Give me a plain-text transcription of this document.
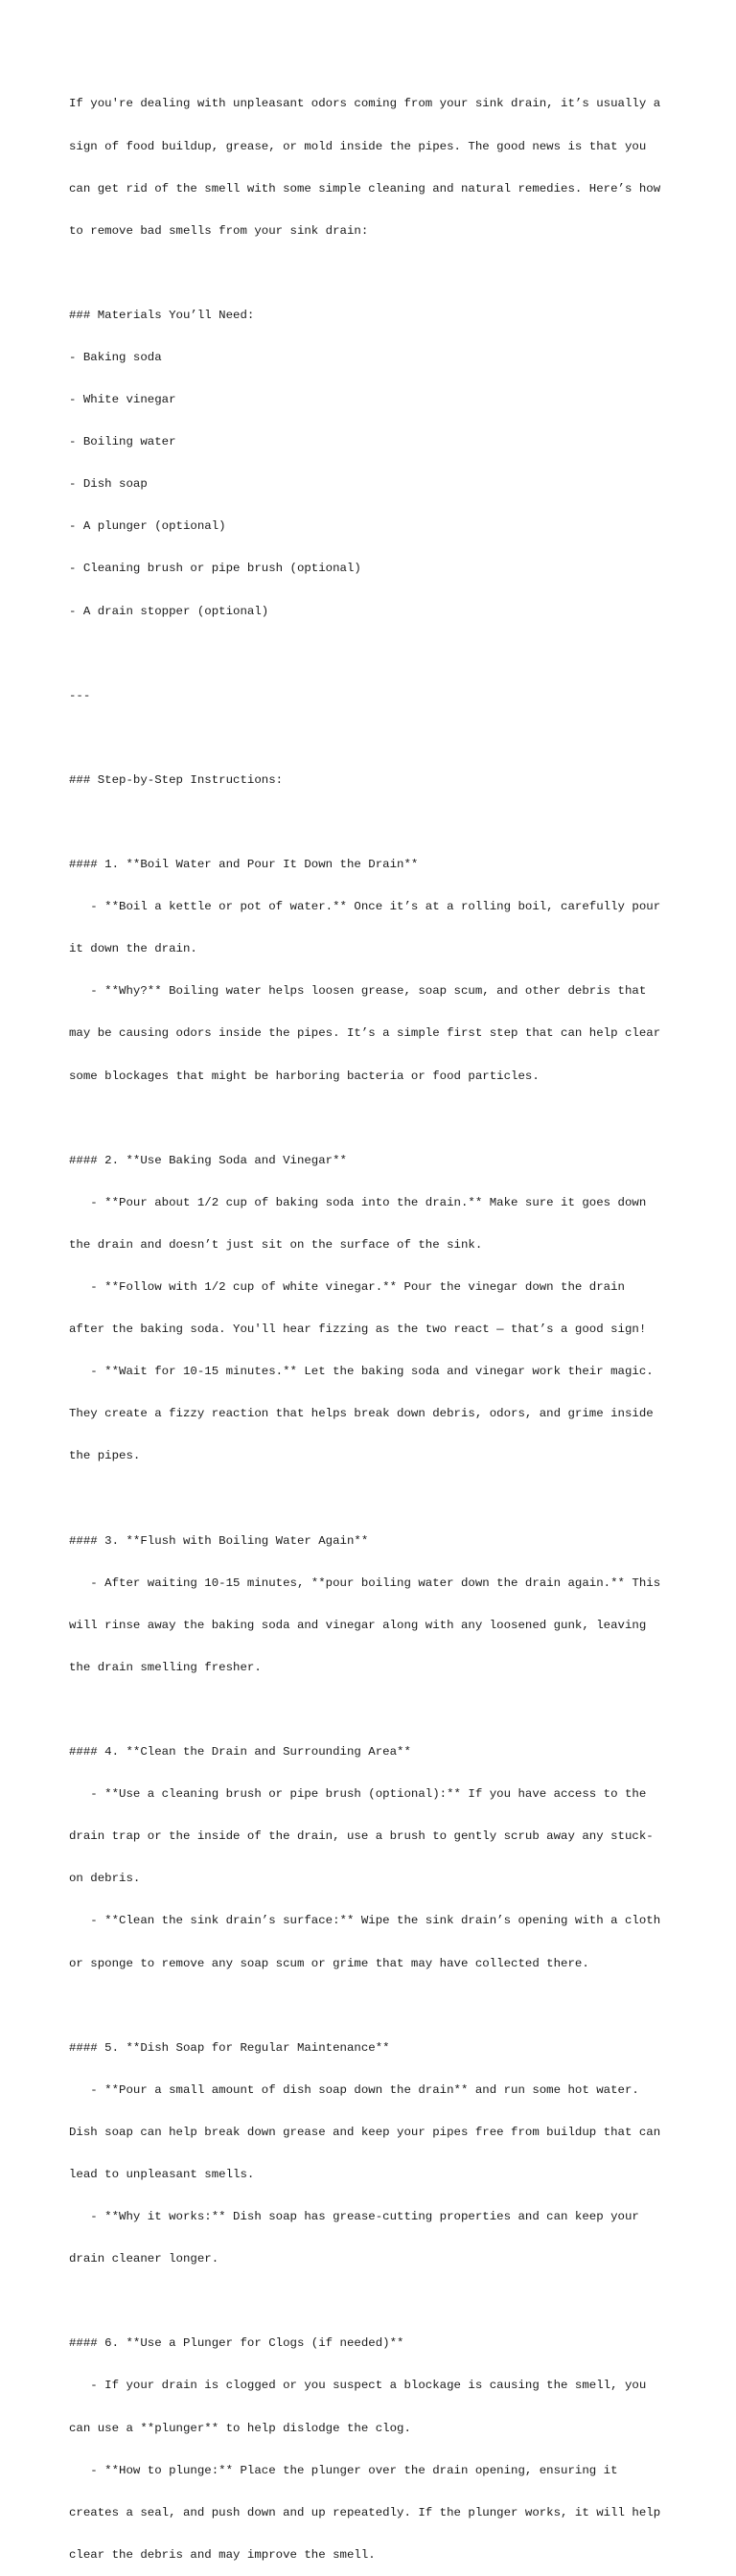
If you're dealing with unpleasant odors coming from your sink drain, it’s usually a

sign of food buildup, grease, or mold inside the pipes. The good news is that you

can get rid of the smell with some simple cleaning and natural remedies. Here’s how

to remove bad smells from your sink drain:

### Materials You’ll Need:

- Baking soda

- White vinegar

- Boiling water

- Dish soap

- A plunger (optional)

- Cleaning brush or pipe brush (optional)

- A drain stopper (optional)

---

### Step-by-Step Instructions:

#### 1. **Boil Water and Pour It Down the Drain**

- **Boil a kettle or pot of water.** Once it’s at a rolling boil, carefully pour

it down the drain.

- **Why?** Boiling water helps loosen grease, soap scum, and other debris that

may be causing odors inside the pipes. It’s a simple first step that can help clear

some blockages that might be harboring bacteria or food particles.

#### 2. **Use Baking Soda and Vinegar**

- **Pour about 1/2 cup of baking soda into the drain.** Make sure it goes down

the drain and doesn’t just sit on the surface of the sink.

- **Follow with 1/2 cup of white vinegar.** Pour the vinegar down the drain

after the baking soda. You'll hear fizzing as the two react — that’s a good sign!

- **Wait for 10-15 minutes.** Let the baking soda and vinegar work their magic.

They create a fizzy reaction that helps break down debris, odors, and grime inside

the pipes.

#### 3. **Flush with Boiling Water Again**

- After waiting 10-15 minutes, **pour boiling water down the drain again.** This

will rinse away the baking soda and vinegar along with any loosened gunk, leaving

the drain smelling fresher.

#### 4. **Clean the Drain and Surrounding Area**

- **Use a cleaning brush or pipe brush (optional):** If you have access to the

drain trap or the inside of the drain, use a brush to gently scrub away any stuck-

on debris.

- **Clean the sink drain’s surface:** Wipe the sink drain’s opening with a cloth

or sponge to remove any soap scum or grime that may have collected there.

#### 5. **Dish Soap for Regular Maintenance**

- **Pour a small amount of dish soap down the drain** and run some hot water.

Dish soap can help break down grease and keep your pipes free from buildup that can

lead to unpleasant smells.

- **Why it works:** Dish soap has grease-cutting properties and can keep your

drain cleaner longer.

#### 6. **Use a Plunger for Clogs (if needed)**

- If your drain is clogged or you suspect a blockage is causing the smell, you

can use a **plunger** to help dislodge the clog.

- **How to plunge:** Place the plunger over the drain opening, ensuring it

creates a seal, and push down and up repeatedly. If the plunger works, it will help

clear the debris and may improve the smell.
